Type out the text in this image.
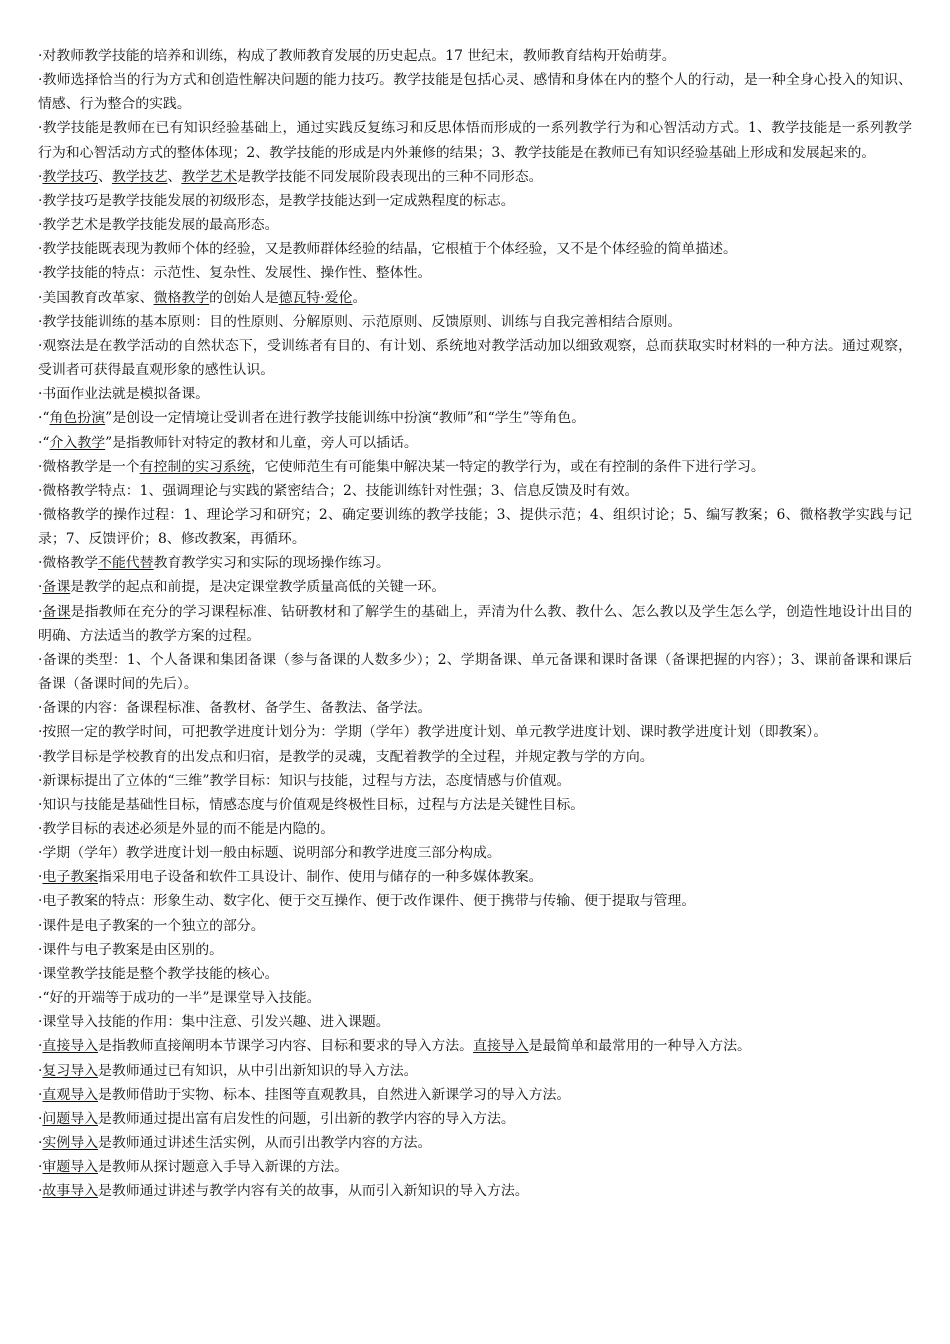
·对教师教学技能的培养和训练，构成了教师教育发展的历史起点。17 世纪末，教师教育结构开始萌芽。
·教师选择恰当的行为方式和创造性解决问题的能力技巧。教学技能是包括心灵、感情和身体在内的整个人的行动，是一种全身心投入的知识、情感、行为整合的实践。
·教学技能是教师在已有知识经验基础上，通过实践反复练习和反思体悟而形成的一系列教学行为和心智活动方式。1、教学技能是一系列教学行为和心智活动方式的整体体现；2、教学技能的形成是内外兼修的结果；3、教学技能是在教师已有知识经验基础上形成和发展起来的。
·教学技巧、教学技艺、教学艺术是教学技能不同发展阶段表现出的三种不同形态。
·教学技巧是教学技能发展的初级形态，是教学技能达到一定成熟程度的标志。
·教学艺术是教学技能发展的最高形态。
·教学技能既表现为教师个体的经验，又是教师群体经验的结晶，它根植于个体经验，又不是个体经验的简单描述。
·教学技能的特点：示范性、复杂性、发展性、操作性、整体性。
·美国教育改革家、微格教学的创始人是德瓦特·爱伦。
·教学技能训练的基本原则：目的性原则、分解原则、示范原则、反馈原则、训练与自我完善相结合原则。
·观察法是在教学活动的自然状态下，受训练者有目的、有计划、系统地对教学活动加以细致观察，总而获取实时材料的一种方法。通过观察，受训者可获得最直观形象的感性认识。
·书面作业法就是模拟备课。
·“角色扮演”是创设一定情境让受训者在进行教学技能训练中扮演“教师”和“学生”等角色。
·“介入教学”是指教师针对特定的教材和儿童，旁人可以插话。
·微格教学是一个有控制的实习系统，它使师范生有可能集中解决某一特定的教学行为，或在有控制的条件下进行学习。
·微格教学特点：1、强调理论与实践的紧密结合；2、技能训练针对性强；3、信息反馈及时有效。
·微格教学的操作过程：1、理论学习和研究；2、确定要训练的教学技能；3、提供示范；4、组织讨论；5、编写教案；6、微格教学实践与记录；7、反馈评价；8、修改教案，再循环。
·微格教学不能代替教育教学实习和实际的现场操作练习。
·备课是教学的起点和前提，是决定课堂教学质量高低的关键一环。
·备课是指教师在充分的学习课程标准、钻研教材和了解学生的基础上，弄清为什么教、教什么、怎么教以及学生怎么学，创造性地设计出目的明确、方法适当的教学方案的过程。
·备课的类型：1、个人备课和集团备课（参与备课的人数多少）；2、学期备课、单元备课和课时备课（备课把握的内容）；3、课前备课和课后备课（备课时间的先后）。
·备课的内容：备课程标准、备教材、备学生、备教法、备学法。
·按照一定的教学时间，可把教学进度计划分为：学期（学年）教学进度计划、单元教学进度计划、课时教学进度计划（即教案）。
·教学目标是学校教育的出发点和归宿，是教学的灵魂，支配着教学的全过程，并规定教与学的方向。
·新课标提出了立体的“三维”教学目标：知识与技能，过程与方法，态度情感与价值观。
·知识与技能是基础性目标，情感态度与价值观是终极性目标，过程与方法是关键性目标。
·教学目标的表述必须是外显的而不能是内隐的。
·学期（学年）教学进度计划一般由标题、说明部分和教学进度三部分构成。
·电子教案指采用电子设备和软件工具设计、制作、使用与储存的一种多媒体教案。
·电子教案的特点：形象生动、数字化、便于交互操作、便于改作课件、便于携带与传输、便于提取与管理。
·课件是电子教案的一个独立的部分。
·课件与电子教案是由区别的。
·课堂教学技能是整个教学技能的核心。
·“好的开端等于成功的一半”是课堂导入技能。
·课堂导入技能的作用：集中注意、引发兴趣、进入课题。
·直接导入是指教师直接阐明本节课学习内容、目标和要求的导入方法。直接导入是最简单和最常用的一种导入方法。
·复习导入是教师通过已有知识，从中引出新知识的导入方法。
·直观导入是教师借助于实物、标本、挂图等直观教具，自然进入新课学习的导入方法。
·问题导入是教师通过提出富有启发性的问题，引出新的教学内容的导入方法。
·实例导入是教师通过讲述生活实例，从而引出教学内容的方法。
·审题导入是教师从探讨题意入手导入新课的方法。
·故事导入是教师通过讲述与教学内容有关的故事，从而引入新知识的导入方法。
